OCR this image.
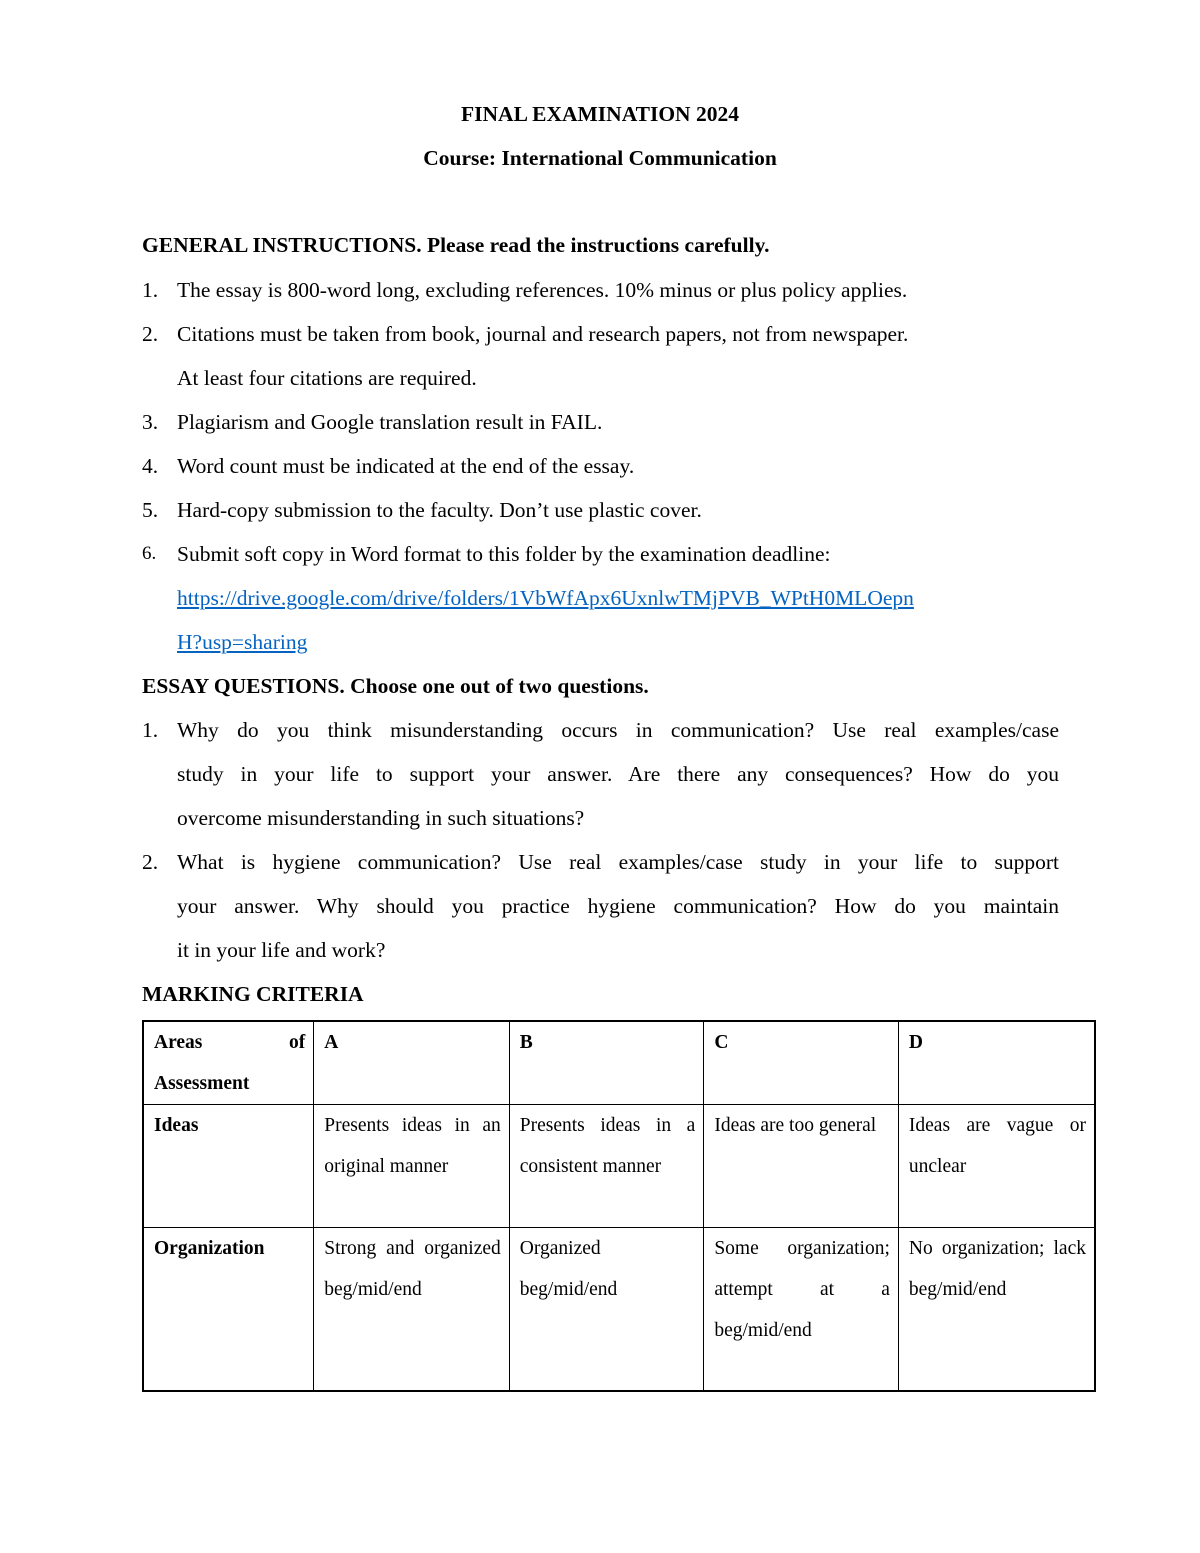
FINAL EXAMINATION 2024
Course: International Communication
GENERAL INSTRUCTIONS. Please read the instructions carefully.
1. The essay is 800-word long, excluding references. 10% minus or plus policy applies.
2. Citations must be taken from book, journal and research papers, not from newspaper.
At least four citations are required.
3. Plagiarism and Google translation result in FAIL.
4. Word count must be indicated at the end of the essay.
5. Hard-copy submission to the faculty. Don’t use plastic cover.
6. Submit soft copy in Word format to this folder by the examination deadline:
https://drive.google.com/drive/folders/1VbWfApx6UxnlwTMjPVB_WPtH0MLOepn
H?usp=sharing
ESSAY QUESTIONS. Choose one out of two questions.
1. Why do you think misunderstanding occurs in communication? Use real examples/case
study in your life to support your answer. Are there any consequences? How do you
overcome misunderstanding in such situations?
2. What is hygiene communication? Use real examples/case study in your life to support
your answer. Why should you practice hygiene communication? How do you maintain
it in your life and work?
MARKING CRITERIA
Areas of Assessment	A	B	C	D
Ideas	Presents ideas in an original manner	Presents ideas in a consistent manner	Ideas are too general	Ideas are vague or unclear
Organization	Strong and organized beg/mid/end	Organized beg/mid/end	Some organization; attempt at a beg/mid/end	No organization; lack beg/mid/end
